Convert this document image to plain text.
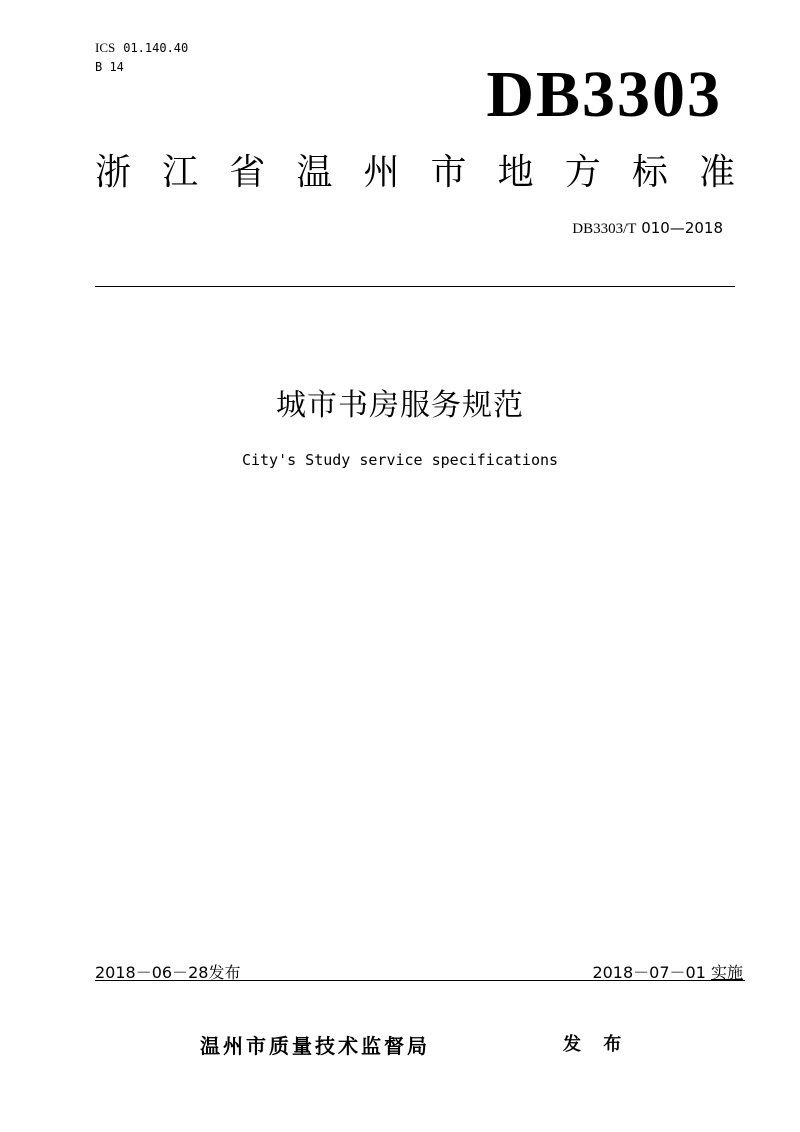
ICS 01.140.40
B 14	DB3303
浙 江 省 温 州 市 地 方 标 准
DB3303/T 010—2018
城市书房服务规范
City's Study service specifications
2018－06－28发布	2018－07－01 实施
温州市质量技术监督局	发 布
